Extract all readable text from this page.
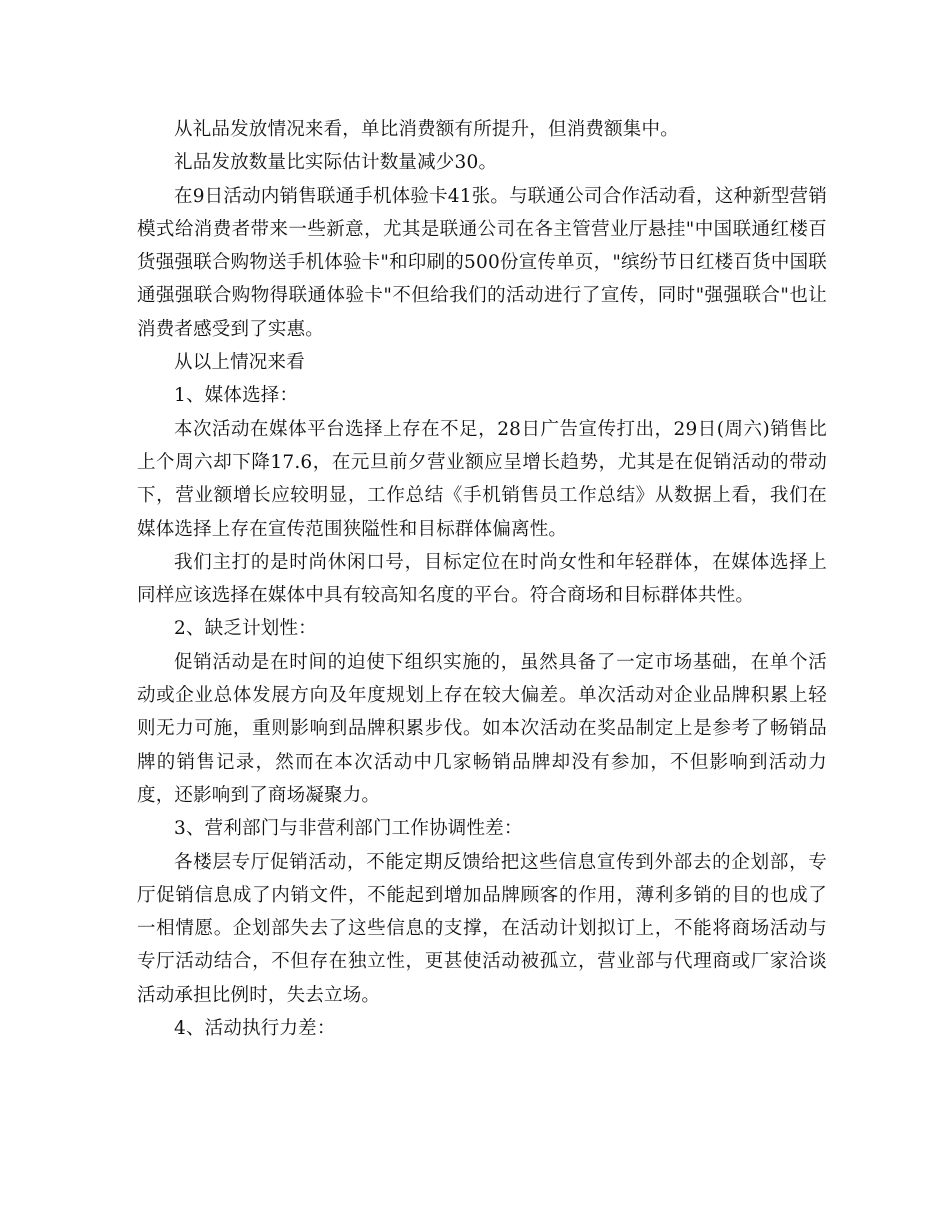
从礼品发放情况来看，单比消费额有所提升，但消费额集中。

礼品发放数量比实际估计数量减少30。

在9日活动内销售联通手机体验卡41张。与联通公司合作活动看，这种新型营销模式给消费者带来一些新意，尤其是联通公司在各主管营业厅悬挂"中国联通红楼百货强强联合购物送手机体验卡"和印刷的500份宣传单页，"缤纷节日红楼百货中国联通强强联合购物得联通体验卡"不但给我们的活动进行了宣传，同时"强强联合"也让消费者感受到了实惠。

从以上情况来看

1、媒体选择：

本次活动在媒体平台选择上存在不足，28日广告宣传打出，29日(周六)销售比上个周六却下降17.6，在元旦前夕营业额应呈增长趋势，尤其是在促销活动的带动下，营业额增长应较明显，工作总结《手机销售员工作总结》从数据上看，我们在媒体选择上存在宣传范围狭隘性和目标群体偏离性。

我们主打的是时尚休闲口号，目标定位在时尚女性和年轻群体，在媒体选择上同样应该选择在媒体中具有较高知名度的平台。符合商场和目标群体共性。

2、缺乏计划性：

促销活动是在时间的迫使下组织实施的，虽然具备了一定市场基础，在单个活动或企业总体发展方向及年度规划上存在较大偏差。单次活动对企业品牌积累上轻则无力可施，重则影响到品牌积累步伐。如本次活动在奖品制定上是参考了畅销品牌的销售记录，然而在本次活动中几家畅销品牌却没有参加，不但影响到活动力度，还影响到了商场凝聚力。

3、营利部门与非营利部门工作协调性差：

各楼层专厅促销活动，不能定期反馈给把这些信息宣传到外部去的企划部，专厅促销信息成了内销文件，不能起到增加品牌顾客的作用，薄利多销的目的也成了一相情愿。企划部失去了这些信息的支撑，在活动计划拟订上，不能将商场活动与专厅活动结合，不但存在独立性，更甚使活动被孤立，营业部与代理商或厂家洽谈活动承担比例时，失去立场。

4、活动执行力差：
